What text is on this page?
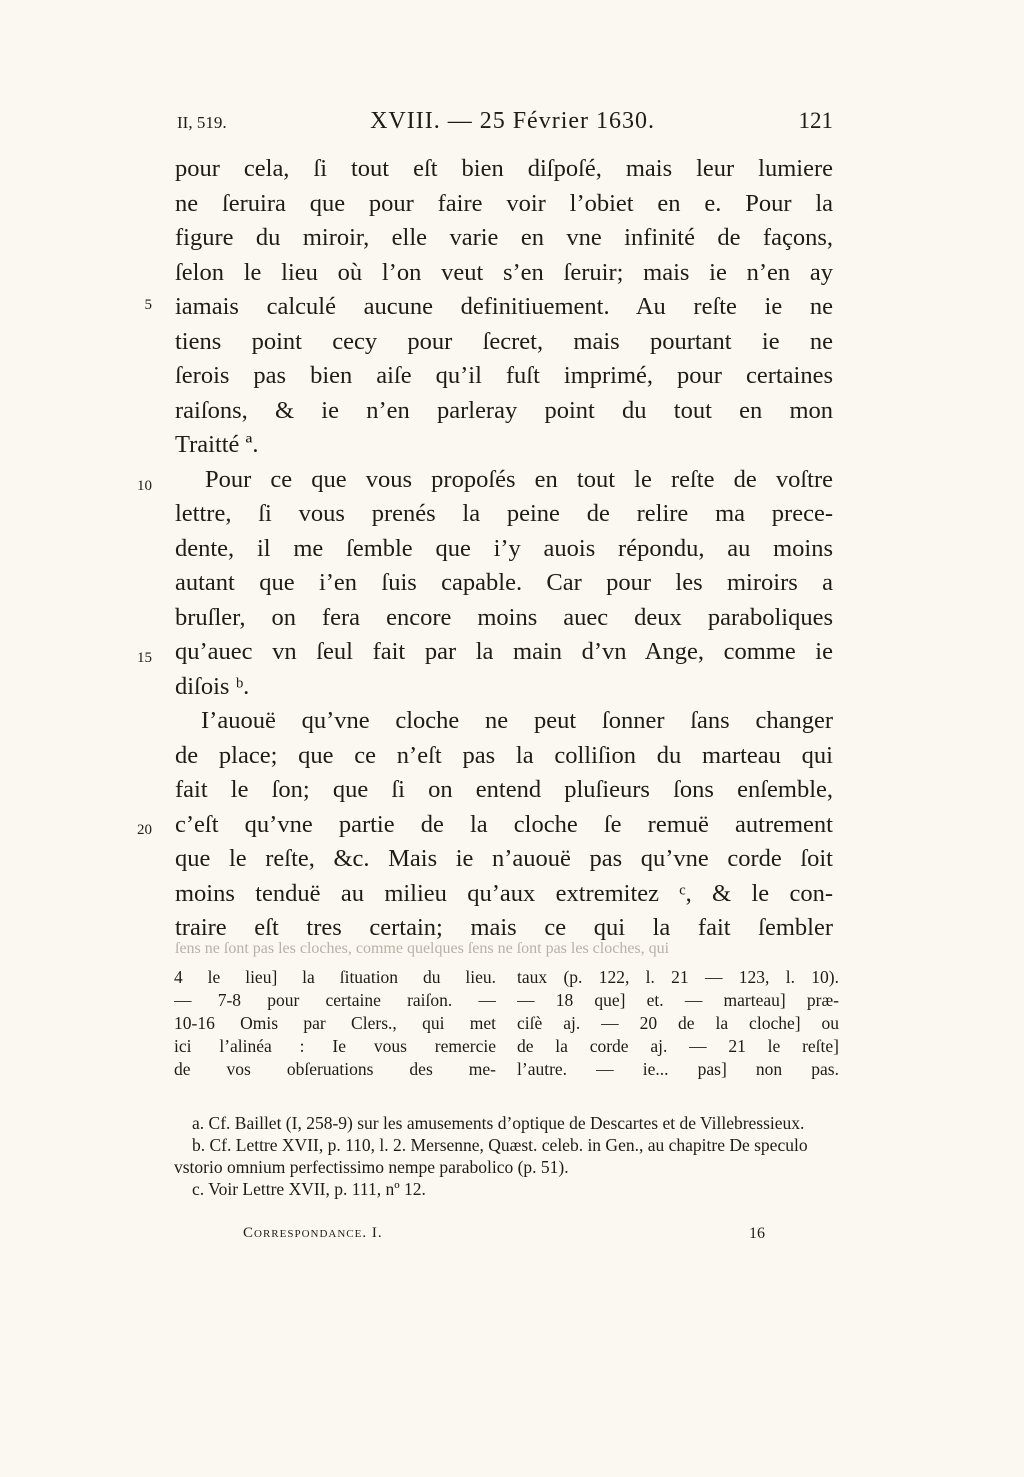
II, 519.	XVIII. — 25 Février 1630.	121
5
10
15
20
pour cela, ſi tout eſt bien diſpoſé, mais leur lumiere
ne ſeruira que pour faire voir l’obiet en e. Pour la
figure du miroir, elle varie en vne infinité de façons,
ſelon le lieu où l’on veut s’en ſeruir; mais ie n’en ay
iamais calculé aucune definitiuement. Au reſte ie ne
tiens point cecy pour ſecret, mais pourtant ie ne
ſerois pas bien aiſe qu’il fuſt imprimé, pour certaines
raiſons, & ie n’en parleray point du tout en mon
Traitté ª.
Pour ce que vous propoſés en tout le reſte de voſtre
lettre, ſi vous prenés la peine de relire ma prece-
dente, il me ſemble que i’y auois répondu, au moins
autant que i’en ſuis capable. Car pour les miroirs a
bruſler, on fera encore moins auec deux paraboliques
qu’auec vn ſeul fait par la main d’vn Ange, comme ie
diſois ᵇ.
I’auouë qu’vne cloche ne peut ſonner ſans changer
de place; que ce n’eſt pas la colliſion du marteau qui
fait le ſon; que ſi on entend pluſieurs ſons enſemble,
c’eſt qu’vne partie de la cloche ſe remuë autrement
que le reſte, &c. Mais ie n’auouë pas qu’vne corde ſoit
moins tenduë au milieu qu’aux extremitez ᶜ, & le con-
traire eſt tres certain; mais ce qui la fait ſembler
ſens ne ſont pas les cloches, comme quelques ſens ne ſont pas les cloches, qui
4 le lieu] la ſituation du lieu.
— 7-8 pour certaine raiſon. —
10-16 Omis par Clers., qui met
ici l’alinéa : Ie vous remercie
de vos obſeruations des me-
taux (p. 122, l. 21 — 123, l. 10).
— 18 que] et. — marteau] præ-
ciſè aj. — 20 de la cloche] ou
de la corde aj. — 21 le reſte]
l’autre. — ie... pas] non pas.
a. Cf. Baillet (I, 258-9) sur les amusements d’optique de Descartes et de Villebressieux.
b. Cf. Lettre XVII, p. 110, l. 2. Mersenne, Quæst. celeb. in Gen., au chapitre De speculo vstorio omnium perfectissimo nempe parabolico (p. 51).
c. Voir Lettre XVII, p. 111, nº 12.
Correspondance. I.	16
